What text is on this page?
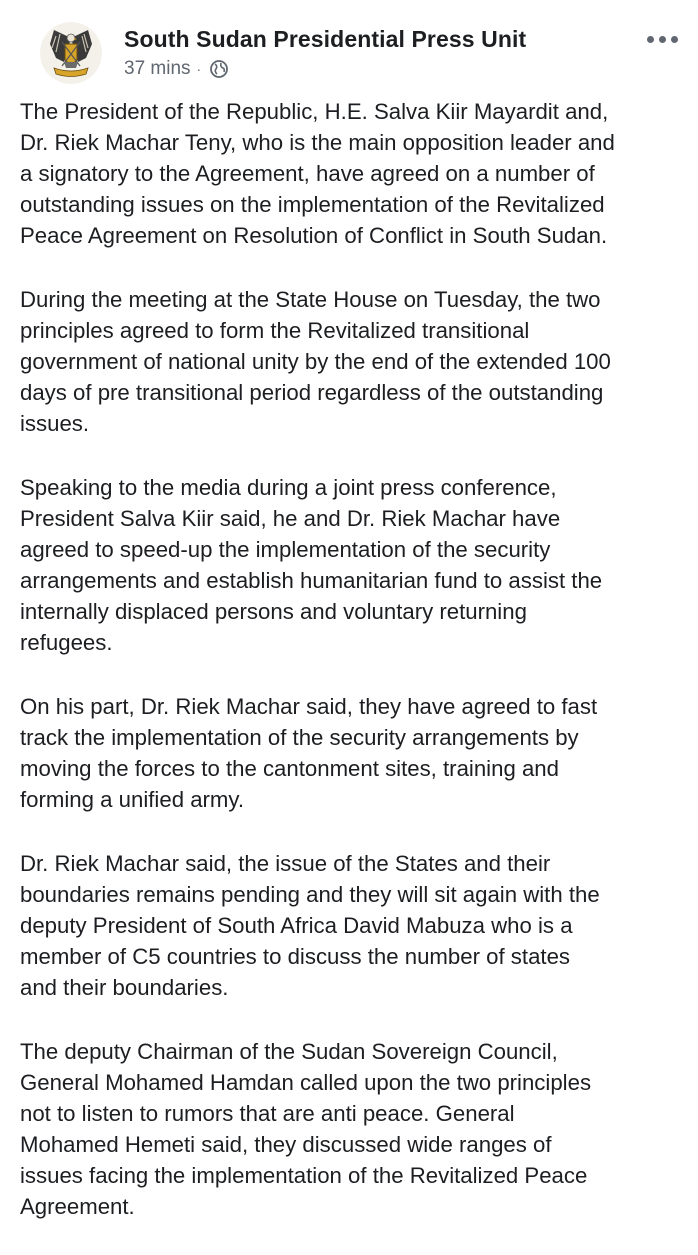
South Sudan Presidential Press Unit
37 mins ·

The President of the Republic, H.E. Salva Kiir Mayardit and,
Dr. Riek Machar Teny, who is the main opposition leader and
a signatory to the Agreement, have agreed on a number of
outstanding issues on the implementation of the Revitalized
Peace Agreement on Resolution of Conflict in South Sudan.

During the meeting at the State House on Tuesday, the two
principles agreed to form the Revitalized transitional
government of national unity by the end of the extended 100
days of pre transitional period regardless of the outstanding
issues.

Speaking to the media during a joint press conference,
President Salva Kiir said, he and Dr. Riek Machar have
agreed to speed-up the implementation of the security
arrangements and establish humanitarian fund to assist the
internally displaced persons and voluntary returning
refugees.

On his part, Dr. Riek Machar said, they have agreed to fast
track the implementation of the security arrangements by
moving the forces to the cantonment sites, training and
forming a unified army.

Dr. Riek Machar said, the issue of the States and their
boundaries remains pending and they will sit again with the
deputy President of South Africa David Mabuza who is a
member of C5 countries to discuss the number of states
and their boundaries.

The deputy Chairman of the Sudan Sovereign Council,
General Mohamed Hamdan called upon the two principles
not to listen to rumors that are anti peace. General
Mohamed Hemeti said, they discussed wide ranges of
issues facing the implementation of the Revitalized Peace
Agreement.
